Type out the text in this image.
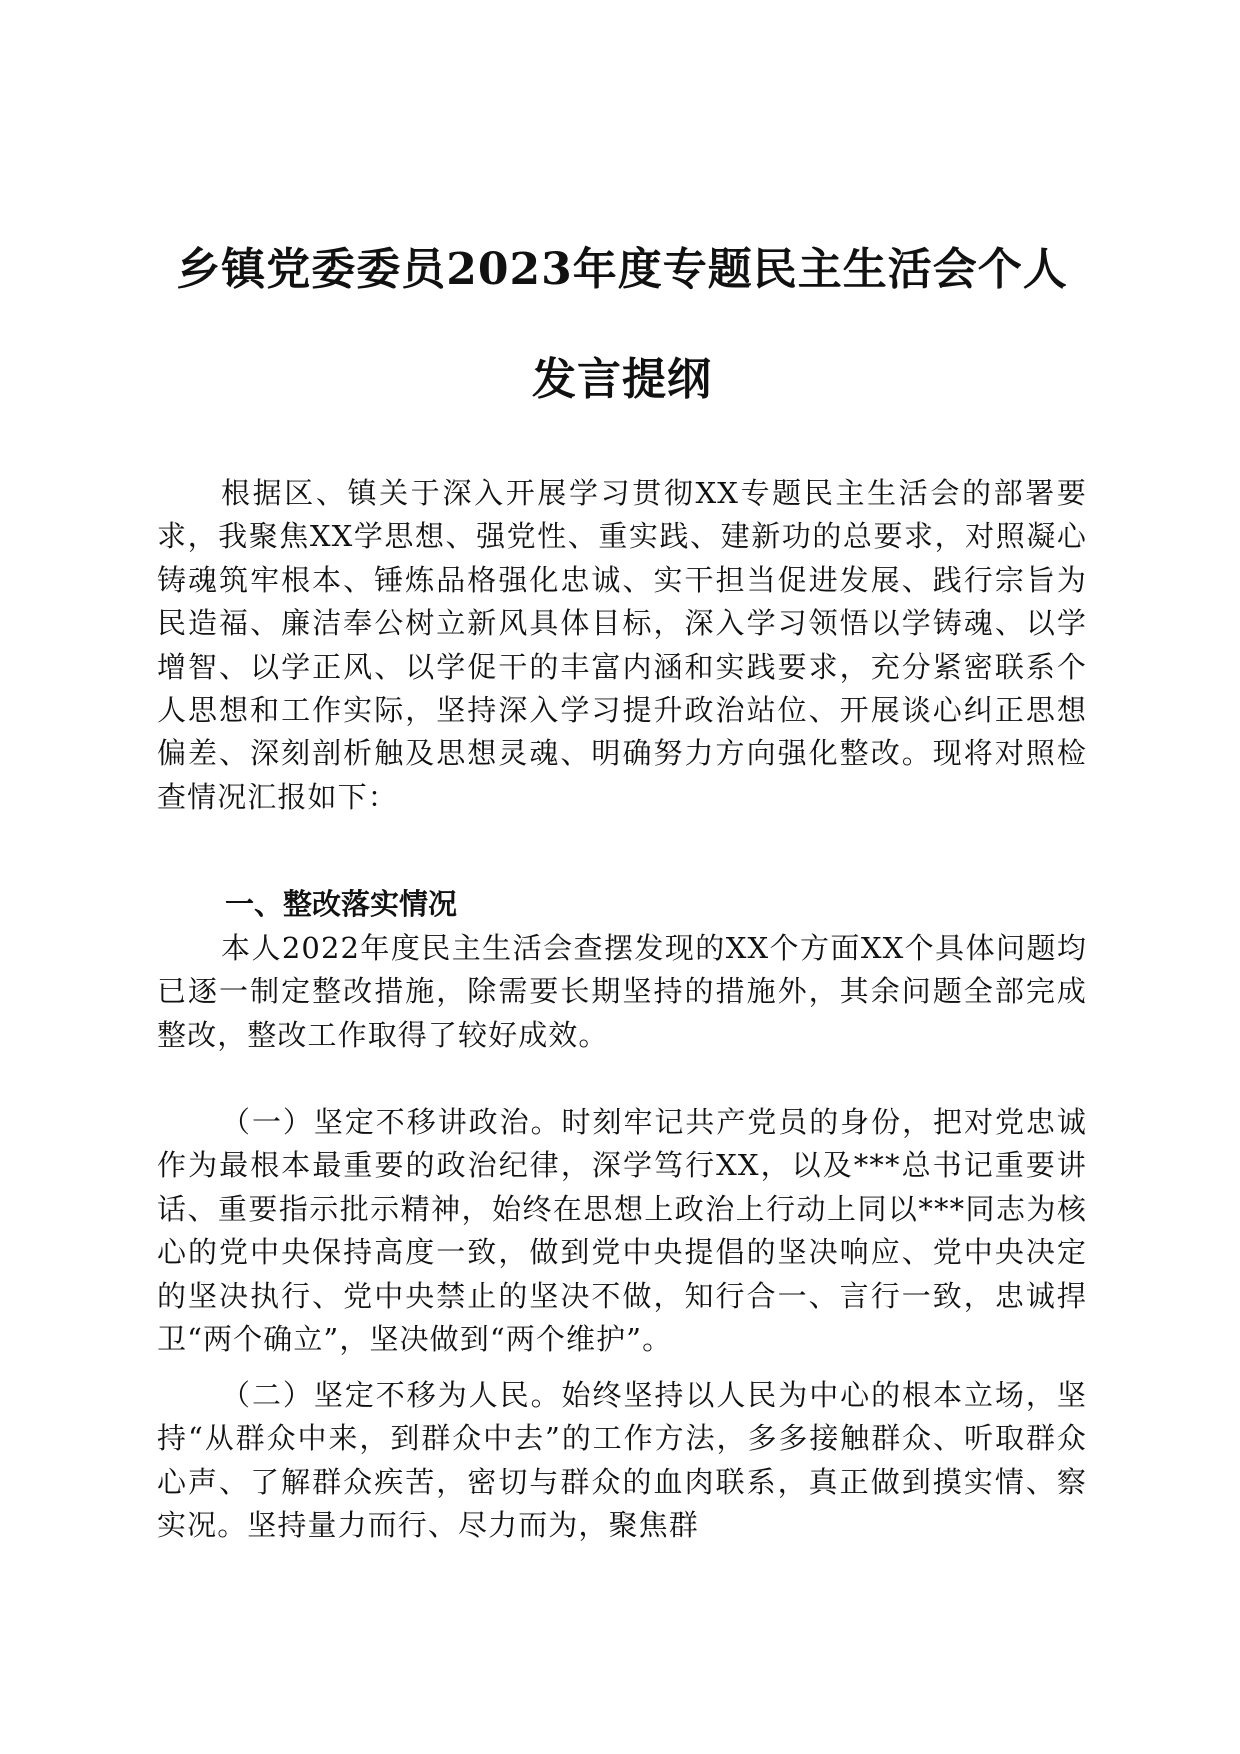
乡镇党委委员2023年度专题民主生活会个人
发言提纲

根据区、镇关于深入开展学习贯彻XX专题民主生活会的部署要求，我聚焦XX学思想、强党性、重实践、建新功的总要求，对照凝心铸魂筑牢根本、锤炼品格强化忠诚、实干担当促进发展、践行宗旨为民造福、廉洁奉公树立新风具体目标，深入学习领悟以学铸魂、以学增智、以学正风、以学促干的丰富内涵和实践要求，充分紧密联系个人思想和工作实际，坚持深入学习提升政治站位、开展谈心纠正思想偏差、深刻剖析触及思想灵魂、明确努力方向强化整改。现将对照检查情况汇报如下：

一、整改落实情况

本人2022年度民主生活会查摆发现的XX个方面XX个具体问题均已逐一制定整改措施，除需要长期坚持的措施外，其余问题全部完成整改，整改工作取得了较好成效。

（一）坚定不移讲政治。时刻牢记共产党员的身份，把对党忠诚作为最根本最重要的政治纪律，深学笃行XX，以及***总书记重要讲话、重要指示批示精神，始终在思想上政治上行动上同以***同志为核心的党中央保持高度一致，做到党中央提倡的坚决响应、党中央决定的坚决执行、党中央禁止的坚决不做，知行合一、言行一致，忠诚捍卫“两个确立”，坚决做到“两个维护”。

（二）坚定不移为人民。始终坚持以人民为中心的根本立场，坚持“从群众中来，到群众中去”的工作方法，多多接触群众、听取群众心声、了解群众疾苦，密切与群众的血肉联系，真正做到摸实情、察实况。坚持量力而行、尽力而为，聚焦群
